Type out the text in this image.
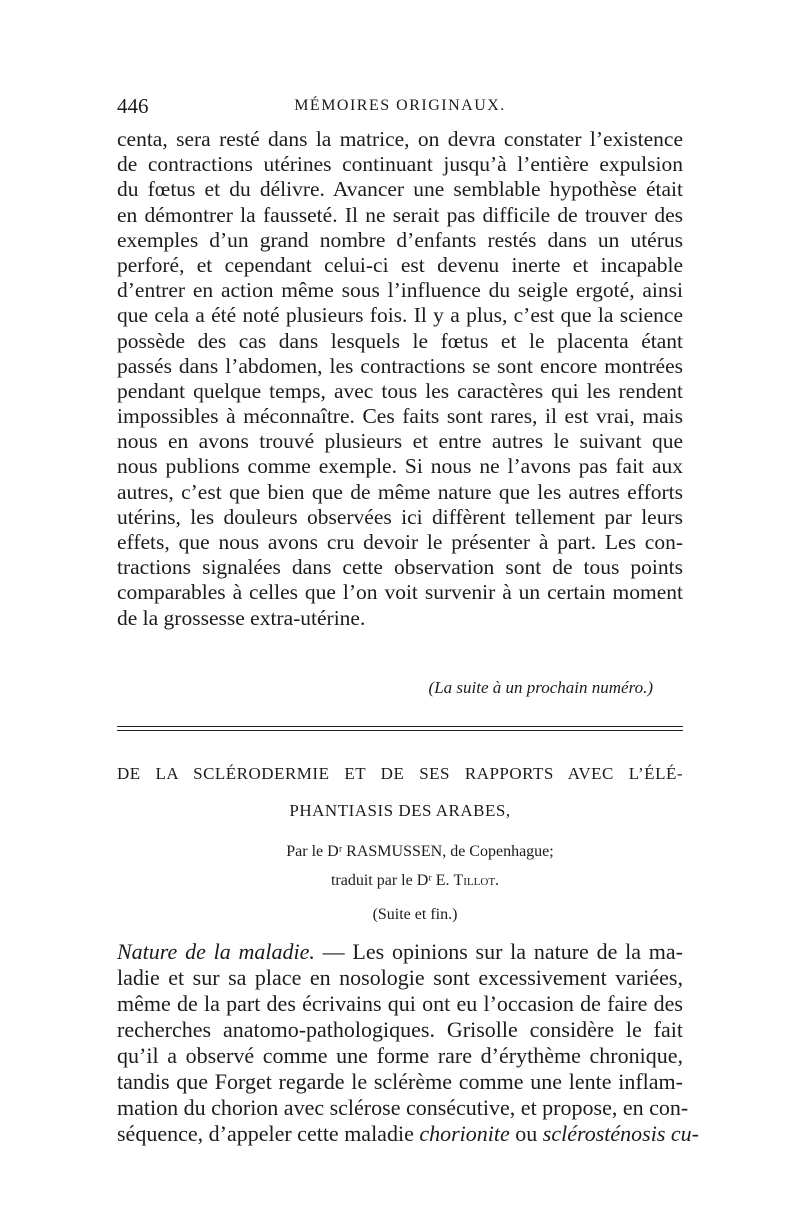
446	MÉMOIRES ORIGINAUX.
centa, sera resté dans la matrice, on devra constater l’existence
de contractions utérines continuant jusqu’à l’entière expulsion
du fœtus et du délivre. Avancer une semblable hypothèse était
en démontrer la fausseté. Il ne serait pas difficile de trouver des
exemples d’un grand nombre d’enfants restés dans un utérus
perforé, et cependant celui-ci est devenu inerte et incapable
d’entrer en action même sous l’influence du seigle ergoté, ainsi
que cela a été noté plusieurs fois. Il y a plus, c’est que la science
possède des cas dans lesquels le fœtus et le placenta étant
passés dans l’abdomen, les contractions se sont encore montrées
pendant quelque temps, avec tous les caractères qui les rendent
impossibles à méconnaître. Ces faits sont rares, il est vrai, mais
nous en avons trouvé plusieurs et entre autres le suivant que
nous publions comme exemple. Si nous ne l’avons pas fait aux
autres, c’est que bien que de même nature que les autres efforts
utérins, les douleurs observées ici diffèrent tellement par leurs
effets, que nous avons cru devoir le présenter à part. Les con-
tractions signalées dans cette observation sont de tous points
comparables à celles que l’on voit survenir à un certain moment
de la grossesse extra-utérine.
(La suite à un prochain numéro.)
DE LA SCLÉRODERMIE ET DE SES RAPPORTS AVEC L’ÉLÉ-
PHANTIASIS DES ARABES,
Par le Dʳ RASMUSSEN, de Copenhague;
traduit par le Dʳ E. Tillot.
(Suite et fin.)
Nature de la maladie. — Les opinions sur la nature de la ma-
ladie et sur sa place en nosologie sont excessivement variées,
même de la part des écrivains qui ont eu l’occasion de faire des
recherches anatomo-pathologiques. Grisolle considère le fait
qu’il a observé comme une forme rare d’érythème chronique,
tandis que Forget regarde le sclérème comme une lente inflam-
mation du chorion avec sclérose consécutive, et propose, en con-
séquence, d’appeler cette maladie chorionite ou sclérosténosis cu-
